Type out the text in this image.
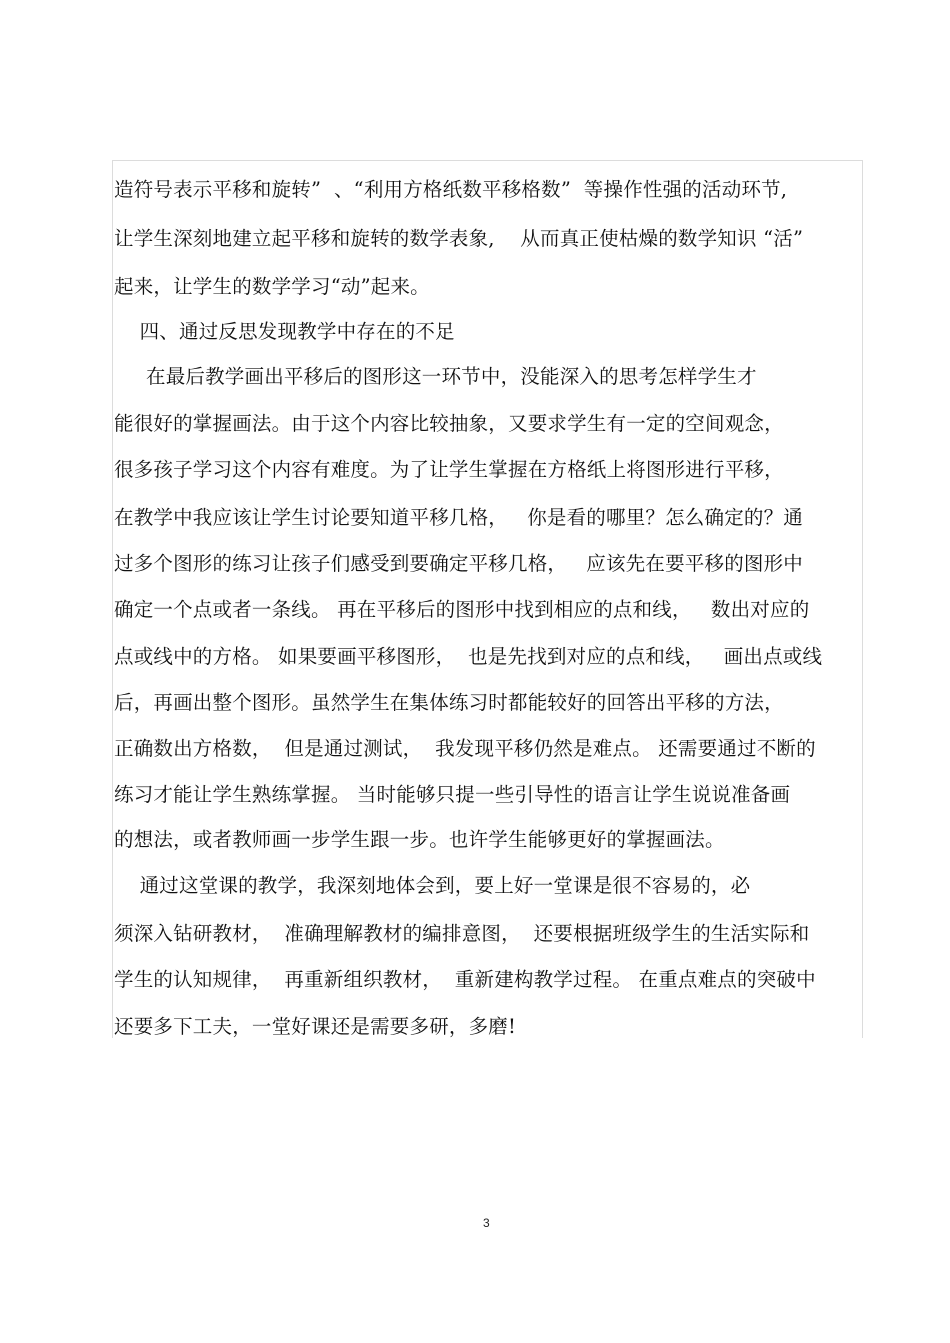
造符号表示平移和旋转”  、“利用方格纸数平移格数”  等操作性强的活动环节,
让学生深刻地建立起平移和旋转的数学表象,    从而真正使枯燥的数学知识 “活”
起来，让学生的数学学习“动”起来。
四、通过反思发现教学中存在的不足
在最后教学画出平移后的图形这一环节中，没能深入的思考怎样学生才
能很好的掌握画法。由于这个内容比较抽象，又要求学生有一定的空间观念，
很多孩子学习这个内容有难度。为了让学生掌握在方格纸上将图形进行平移，
在教学中我应该让学生讨论要知道平移几格，   你是看的哪里？怎么确定的？通
过多个图形的练习让孩子们感受到要确定平移几格，   应该先在要平移的图形中
确定一个点或者一条线。 再在平移后的图形中找到相应的点和线，   数出对应的
点或线中的方格。 如果要画平移图形，  也是先找到对应的点和线，   画出点或线
后，再画出整个图形。虽然学生在集体练习时都能较好的回答出平移的方法，
正确数出方格数，  但是通过测试，  我发现平移仍然是难点。 还需要通过不断的
练习才能让学生熟练掌握。 当时能够只提一些引导性的语言让学生说说准备画
的想法，或者教师画一步学生跟一步。也许学生能够更好的掌握画法。
通过这堂课的教学，我深刻地体会到，要上好一堂课是很不容易的，必
须深入钻研教材，  准确理解教材的编排意图，  还要根据班级学生的生活实际和
学生的认知规律，  再重新组织教材，  重新建构教学过程。 在重点难点的突破中
还要多下工夫，一堂好课还是需要多研，多磨!
3
